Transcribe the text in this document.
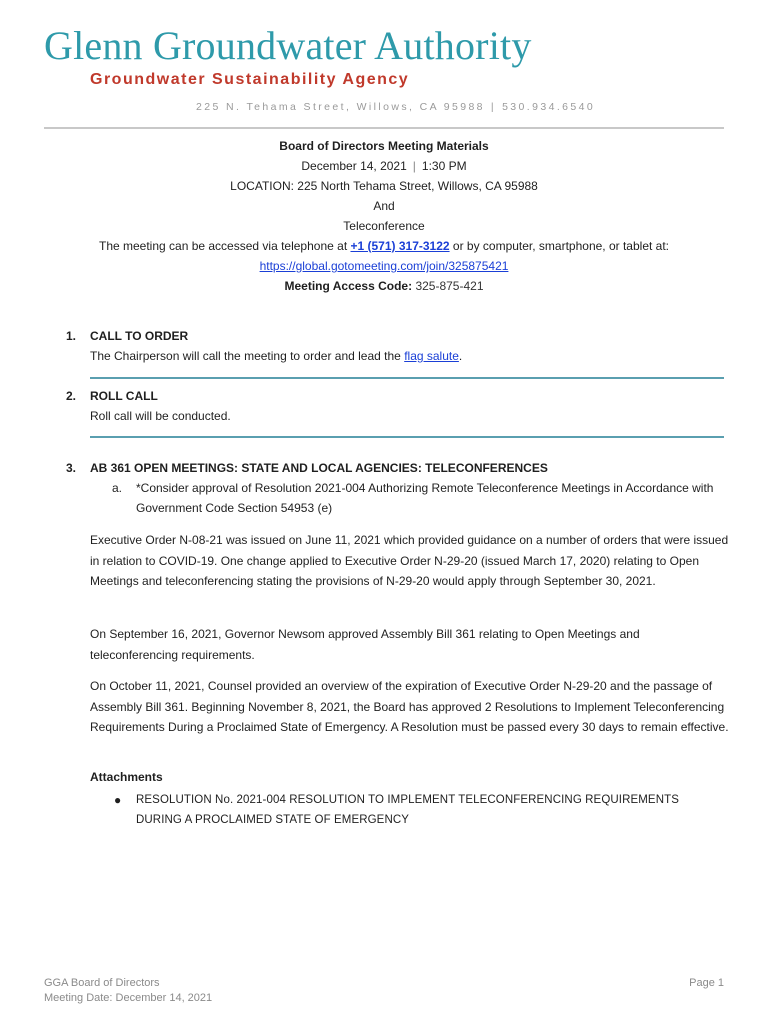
Glenn Groundwater Authority
Groundwater Sustainability Agency
225 N. Tehama Street, Willows, CA 95988 | 530.934.6540
Board of Directors Meeting Materials
December 14, 2021 | 1:30 PM
LOCATION: 225 North Tehama Street, Willows, CA 95988
And
Teleconference
The meeting can be accessed via telephone at +1 (571) 317-3122 or by computer, smartphone, or tablet at:
https://global.gotomeeting.com/join/325875421
Meeting Access Code: 325-875-421
1. CALL TO ORDER
The Chairperson will call the meeting to order and lead the flag salute.
2. ROLL CALL
Roll call will be conducted.
3. AB 361 OPEN MEETINGS: STATE AND LOCAL AGENCIES: TELECONFERENCES
a. *Consider approval of Resolution 2021-004 Authorizing Remote Teleconference Meetings in Accordance with Government Code Section 54953 (e)

Executive Order N-08-21 was issued on June 11, 2021 which provided guidance on a number of orders that were issued in relation to COVID-19. One change applied to Executive Order N-29-20 (issued March 17, 2020) relating to Open Meetings and teleconferencing stating the provisions of N-29-20 would apply through September 30, 2021.

On September 16, 2021, Governor Newsom approved Assembly Bill 361 relating to Open Meetings and teleconferencing requirements.

On October 11, 2021, Counsel provided an overview of the expiration of Executive Order N-29-20 and the passage of Assembly Bill 361. Beginning November 8, 2021, the Board has approved 2 Resolutions to Implement Teleconferencing Requirements During a Proclaimed State of Emergency. A Resolution must be passed every 30 days to remain effective.

Attachments
● RESOLUTION No. 2021-004 RESOLUTION TO IMPLEMENT TELECONFERENCING REQUIREMENTS DURING A PROCLAIMED STATE OF EMERGENCY
GGA Board of Directors
Meeting Date: December 14, 2021
Page 1
